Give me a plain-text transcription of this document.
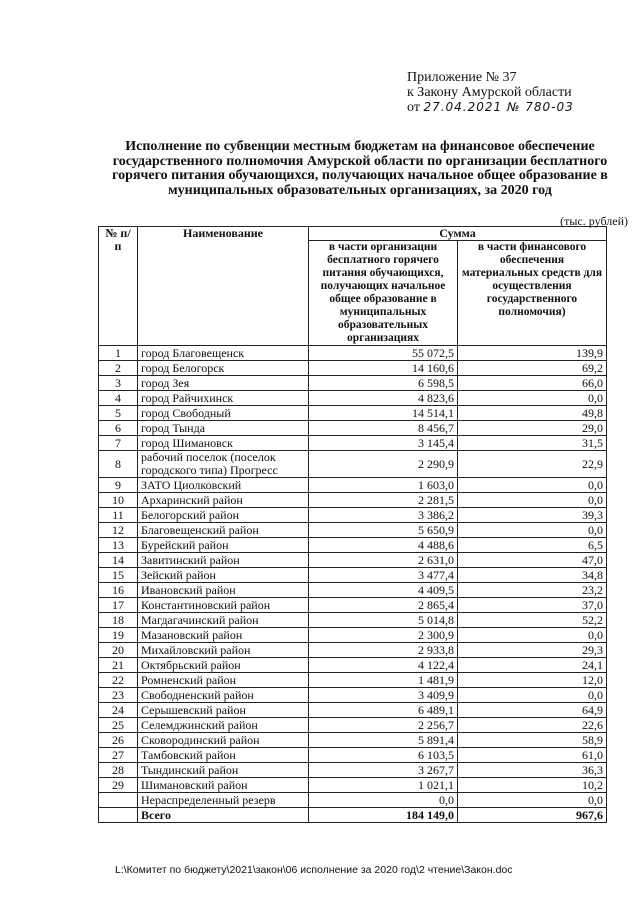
Приложение № 37
к Закону Амурской области
от 27.04.2021 № 780-03
Исполнение по субвенции местным бюджетам на финансовое обеспечение государственного полномочия Амурской области по организации бесплатного горячего питания обучающихся, получающих начальное общее образование в муниципальных образовательных организациях, за 2020 год
(тыс. рублей)
№ п/п	Наименование	Сумма	
		в части организации бесплатного горячего питания обучающихся, получающих начальное общее образование в муниципальных образовательных организациях	в части финансового обеспечения материальных средств для осуществления государственного полномочия)
1	город Благовещенск	55 072,5	139,9
2	город Белогорск	14 160,6	69,2
3	город Зея	6 598,5	66,0
4	город Райчихинск	4 823,6	0,0
5	город Свободный	14 514,1	49,8
6	город Тында	8 456,7	29,0
7	город Шимановск	3 145,4	31,5
8	рабочий поселок (поселок городского типа) Прогресс	2 290,9	22,9
9	ЗАТО Циолковский	1 603,0	0,0
10	Архаринский район	2 281,5	0,0
11	Белогорский район	3 386,2	39,3
12	Благовещенский район	5 650,9	0,0
13	Бурейский район	4 488,6	6,5
14	Завитинский район	2 631,0	47,0
15	Зейский район	3 477,4	34,8
16	Ивановский район	4 409,5	23,2
17	Константиновский район	2 865,4	37,0
18	Магдагачинский район	5 014,8	52,2
19	Мазановский район	2 300,9	0,0
20	Михайловский район	2 933,8	29,3
21	Октябрьский район	4 122,4	24,1
22	Ромненский район	1 481,9	12,0
23	Свободненский район	3 409,9	0,0
24	Серышевский район	6 489,1	64,9
25	Селемджинский район	2 256,7	22,6
26	Сковородинский район	5 891,4	58,9
27	Тамбовский район	6 103,5	61,0
28	Тындинский район	3 267,7	36,3
29	Шимановский район	1 021,1	10,2
	Нераспределенный резерв	0,0	0,0
	Всего	184 149,0	967,6
L:\Комитет по бюджету\2021\закон\06 исполнение за 2020 год\2 чтение\Закон.doc
